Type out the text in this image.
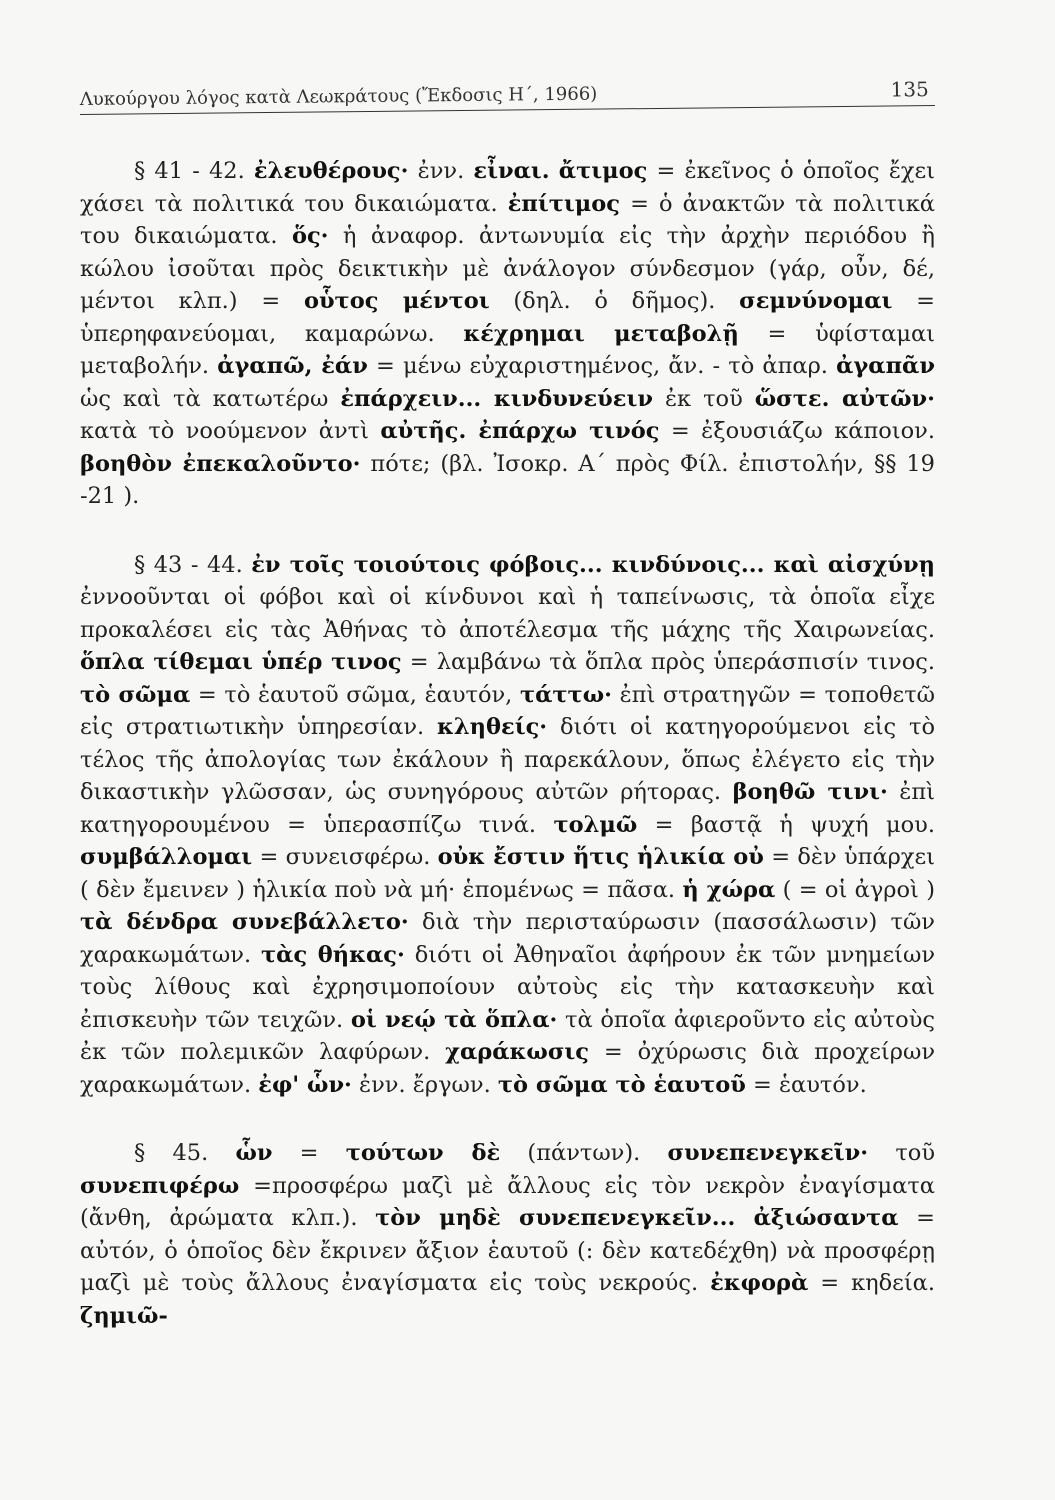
Λυκούργου λόγος κατὰ Λεωκράτους (Ἔκδοσις Η΄, 1966)	135

§ 41 - 42. ἐλευθέρους· ἐνν. εἶναι. ἄτιμος = ἐκεῖνος ὁ ὁποῖος ἔχει χάσει τὰ πολιτικά του δικαιώματα. ἐπίτιμος = ὁ ἀνακτῶν τὰ πολιτικά του δικαιώματα. ὅς· ἡ ἀναφορ. ἀντωνυμία εἰς τὴν ἀρχὴν περιόδου ἢ κώλου ἰσοῦται πρὸς δεικτικὴν μὲ ἀνάλογον σύνδεσμον (γάρ, οὖν, δέ, μέντοι κλπ.) = οὗτος μέντοι (δηλ. ὁ δῆμος). σεμνύνομαι = ὑπερηφανεύομαι, καμαρώνω. κέχρημαι μεταβολῇ = ὑφίσταμαι μεταβολήν. ἀγαπῶ, ἐάν = μένω εὐχαριστημένος, ἄν. - τὸ ἀπαρ. ἀγαπᾶν ὡς καὶ τὰ κατωτέρω ἐπάρχειν... κινδυνεύειν ἐκ τοῦ ὥστε. αὐτῶν· κατὰ τὸ νοούμενον ἀντὶ αὐτῆς. ἐπάρχω τινός = ἐξουσιάζω κάποιον. βοηθὸν ἐπεκαλοῦντο· πότε; (βλ. Ἰσοκρ. Α΄ πρὸς Φίλ. ἐπιστολήν, §§ 19 -21 ).

§ 43 - 44. ἐν τοῖς τοιούτοις φόβοις... κινδύνοις... καὶ αἰσχύνῃ ἐννοοῦνται οἱ φόβοι καὶ οἱ κίνδυνοι καὶ ἡ ταπείνωσις, τὰ ὁποῖα εἶχε προκαλέσει εἰς τὰς Ἀθήνας τὸ ἀποτέλεσμα τῆς μάχης τῆς Χαιρωνείας. ὅπλα τίθεμαι ὑπέρ τινος = λαμβάνω τὰ ὅπλα πρὸς ὑπεράσπισίν τινος. τὸ σῶμα = τὸ ἑαυτοῦ σῶμα, ἑαυτόν, τάττω· ἐπὶ στρατηγῶν = τοποθετῶ εἰς στρατιωτικὴν ὑπηρεσίαν. κληθείς· διότι οἱ κατηγορούμενοι εἰς τὸ τέλος τῆς ἀπολογίας των ἐκάλουν ἢ παρεκάλουν, ὅπως ἐλέγετο εἰς τὴν δικαστικὴν γλῶσσαν, ὡς συνηγόρους αὐτῶν ρήτορας. βοηθῶ τινι· ἐπὶ κατηγορουμένου = ὑπερασπίζω τινά. τολμῶ = βαστᾷ ἡ ψυχή μου. συμβάλλομαι = συνεισφέρω. οὐκ ἔστιν ἥτις ἡλικία οὐ = δὲν ὑπάρχει ( δὲν ἔμεινεν ) ἡλικία ποὺ νὰ μή· ἑπομένως = πᾶσα. ἡ χώρα ( = οἱ ἀγροὶ ) τὰ δένδρα συνεβάλλετο· διὰ τὴν περισταύρωσιν (πασσάλωσιν) τῶν χαρακωμάτων. τὰς θήκας· διότι οἱ Ἀθηναῖοι ἀφήρουν ἐκ τῶν μνημείων τοὺς λίθους καὶ ἐχρησιμοποίουν αὐτοὺς εἰς τὴν κατασκευὴν καὶ ἐπισκευὴν τῶν τειχῶν. οἱ νεῴ τὰ ὅπλα· τὰ ὁποῖα ἀφιεροῦντο εἰς αὐτοὺς ἐκ τῶν πολεμικῶν λαφύρων. χαράκωσις = ὀχύρωσις διὰ προχείρων χαρακωμάτων. ἐφ' ὧν· ἐνν. ἔργων. τὸ σῶμα τὸ ἑαυτοῦ = ἑαυτόν.

§ 45. ὧν = τούτων δὲ (πάντων). συνεπενεγκεῖν· τοῦ συνεπιφέρω =προσφέρω μαζὶ μὲ ἄλλους εἰς τὸν νεκρὸν ἐναγίσματα (ἄνθη, ἀρώματα κλπ.). τὸν μηδὲ συνεπενεγκεῖν... ἀξιώσαντα = αὐτόν, ὁ ὁποῖος δὲν ἔκρινεν ἄξιον ἑαυτοῦ (: δὲν κατεδέχθη) νὰ προσφέρῃ μαζὶ μὲ τοὺς ἄλλους ἐναγίσματα εἰς τοὺς νεκρούς. ἐκφορὰ = κηδεία. ζημιῶ-
